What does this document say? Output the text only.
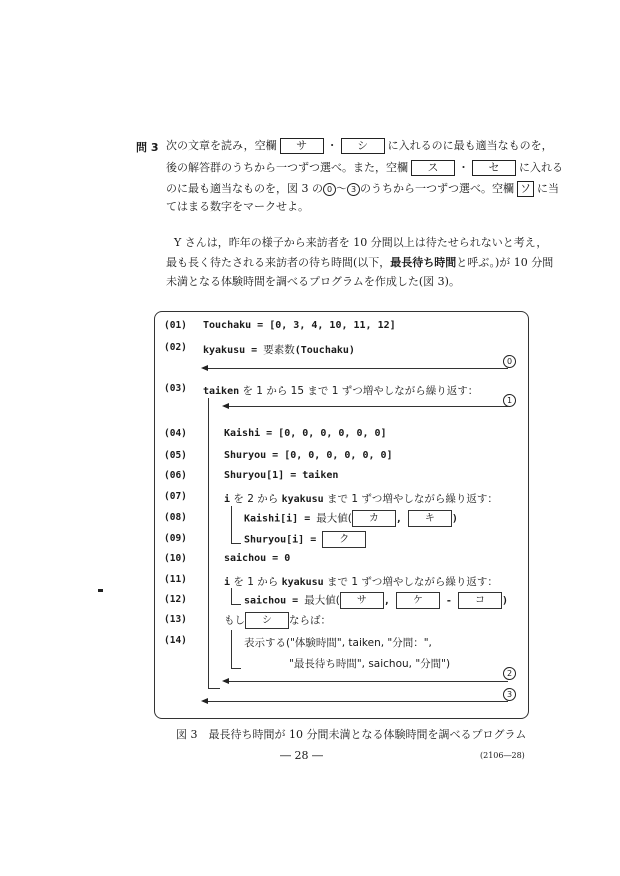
問 3 次の文章を読み，空欄 サ ・ シ に入れるのに最も適当なものを，
後の解答群のうちから一つずつ選べ。また，空欄 ス ・ セ に入れる
のに最も適当なものを，図 3 の 0 ～ 3 のうちから一つずつ選べ。空欄 ソ に当
てはまる数字をマークせよ。
Y さんは，昨年の様子から来訪者を 10 分間以上は待たせられないと考え，
最も長く待たされる来訪者の待ち時間(以下，最長待ち時間と呼ぶ。)が 10 分間
未満となる体験時間を調べるプログラムを作成した(図 3)。
(01)
(02)
(03)
(04)
(05)
(06)
(07)
(08)
(09)
(10)
(11)
(12)
(13)
(14)
Touchaku = [0, 3, 4, 10, 11, 12]
kyakusu = 要素数(Touchaku)
taiken を 1 から 15 まで 1 ずつ増やしながら繰り返す：
Kaishi = [0, 0, 0, 0, 0, 0]
Shuryou = [0, 0, 0, 0, 0, 0]
Shuryou[1] = taiken
i を 2 から kyakusu まで 1 ずつ増やしながら繰り返す：
Kaishi[i] = 最大値( カ , キ )
Shuryou[i] = ク
saichou = 0
i を 1 から kyakusu まで 1 ずつ増やしながら繰り返す：
saichou = 最大値( サ , ケ - コ )
もし シ ならば：
表示する("体験時間", taiken, "分間：",
"最長待ち時間", saichou, "分間")
0
1
2
3
図 3　最長待ち時間が 10 分間未満となる体験時間を調べるプログラム
― 28 ―	(2106―28)
